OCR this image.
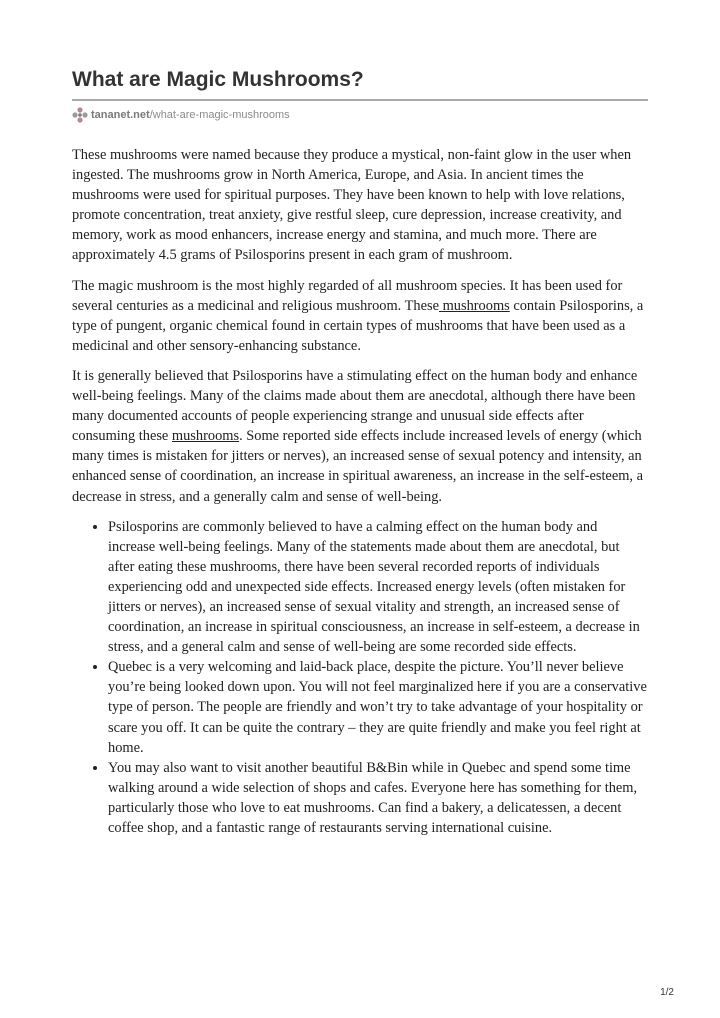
What are Magic Mushrooms?
tananet.net /what-are-magic-mushrooms

These mushrooms were named because they produce a mystical, non-faint glow in the user when ingested. The mushrooms grow in North America, Europe, and Asia. In ancient times the mushrooms were used for spiritual purposes. They have been known to help with love relations, promote concentration, treat anxiety, give restful sleep, cure depression, increase creativity, and memory, work as mood enhancers, increase energy and stamina, and much more. There are approximately 4.5 grams of Psilosporins present in each gram of mushroom.

The magic mushroom is the most highly regarded of all mushroom species. It has been used for several centuries as a medicinal and religious mushroom. These mushrooms contain Psilosporins, a type of pungent, organic chemical found in certain types of mushrooms that have been used as a medicinal and other sensory-enhancing substance.

It is generally believed that Psilosporins have a stimulating effect on the human body and enhance well-being feelings. Many of the claims made about them are anecdotal, although there have been many documented accounts of people experiencing strange and unusual side effects after consuming these mushrooms. Some reported side effects include increased levels of energy (which many times is mistaken for jitters or nerves), an increased sense of sexual potency and intensity, an enhanced sense of coordination, an increase in spiritual awareness, an increase in the self-esteem, a decrease in stress, and a generally calm and sense of well-being.

• Psilosporins are commonly believed to have a calming effect on the human body and increase well-being feelings. Many of the statements made about them are anecdotal, but after eating these mushrooms, there have been several recorded reports of individuals experiencing odd and unexpected side effects. Increased energy levels (often mistaken for jitters or nerves), an increased sense of sexual vitality and strength, an increased sense of coordination, an increase in spiritual consciousness, an increase in self-esteem, a decrease in stress, and a general calm and sense of well-being are some recorded side effects.
• Quebec is a very welcoming and laid-back place, despite the picture. You’ll never believe you’re being looked down upon. You will not feel marginalized here if you are a conservative type of person. The people are friendly and won’t try to take advantage of your hospitality or scare you off. It can be quite the contrary – they are quite friendly and make you feel right at home.
• You may also want to visit another beautiful B&Bin while in Quebec and spend some time walking around a wide selection of shops and cafes. Everyone here has something for them, particularly those who love to eat mushrooms. Can find a bakery, a delicatessen, a decent coffee shop, and a fantastic range of restaurants serving international cuisine.
1/2
